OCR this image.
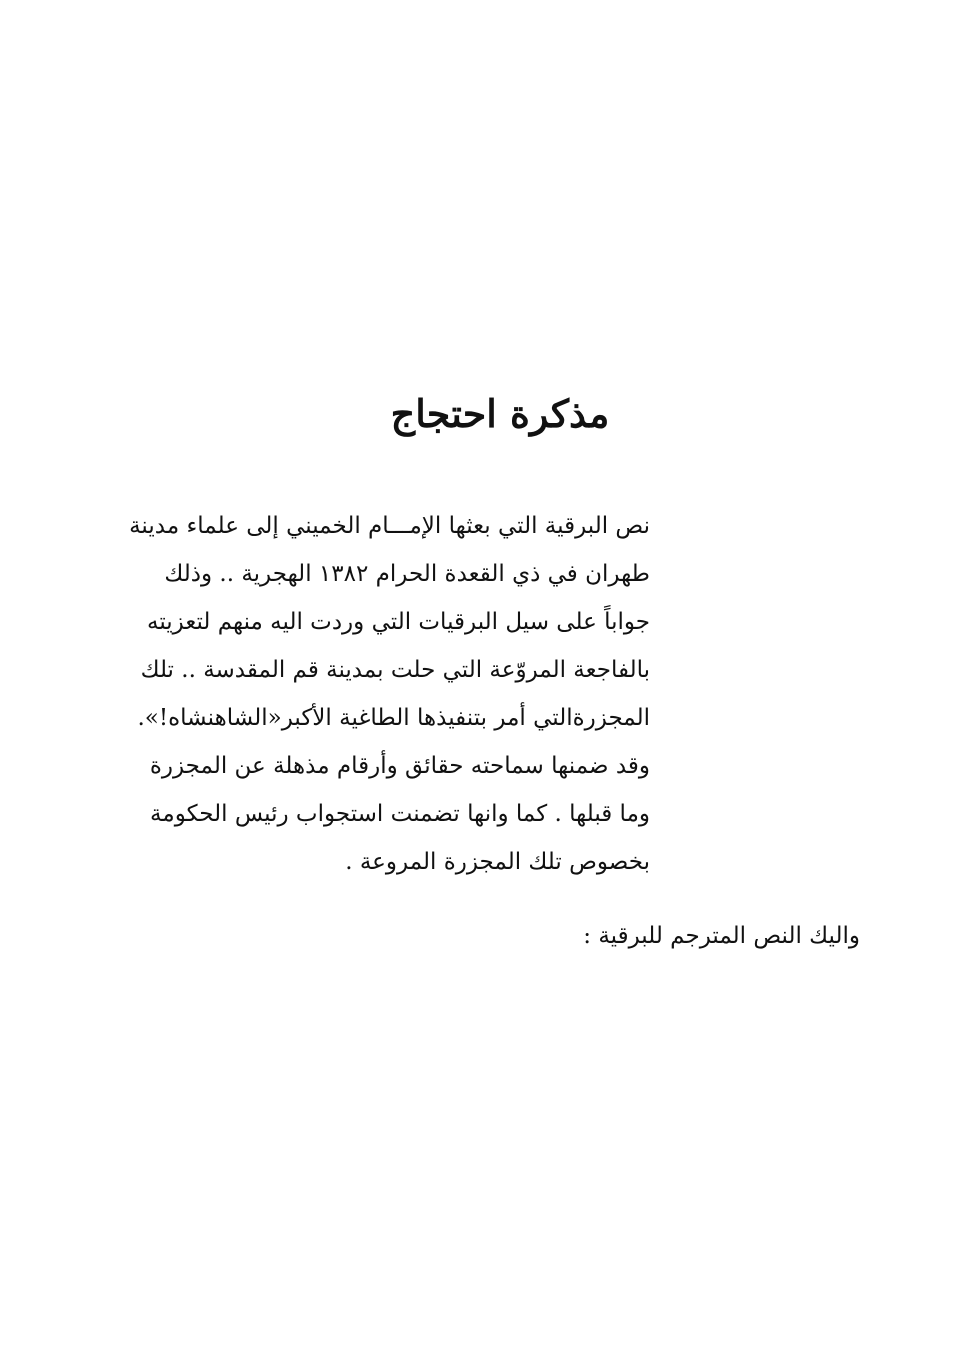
مذكرة احتجاج
نص البرقية التي بعثها الإمـــام الخميني إلى علماء مدينة
طهران في ذي القعدة الحرام ١٣٨٢ الهجرية .. وذلك
جواباً على سيل البرقيات التي وردت اليه منهم لتعزيته
بالفاجعة المروّعة التي حلت بمدينة قم المقدسة .. تلك
المجزرةالتي أمر بتنفيذها الطاغية الأكبر«الشاهنشاه!».
وقد ضمنها سماحته حقائق وأرقام مذهلة عن المجزرة
وما قبلها . كما وانها تضمنت استجواب رئيس الحكومة
بخصوص تلك المجزرة المروعة .
واليك النص المترجم للبرقية :
